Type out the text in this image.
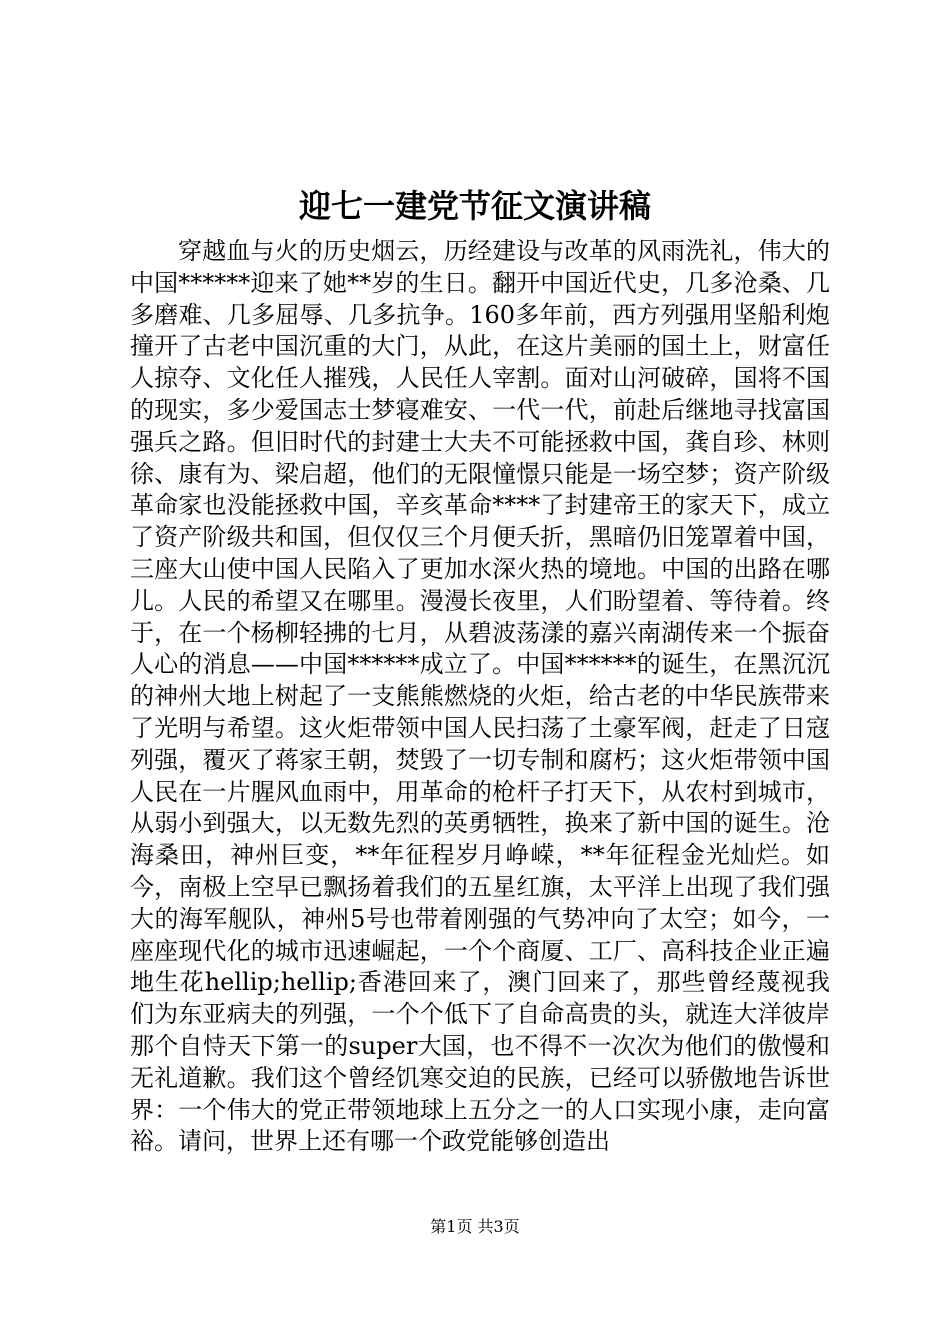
迎七一建党节征文演讲稿

穿越血与火的历史烟云，历经建设与改革的风雨洗礼，伟大的中国******迎来了她**岁的生日。翻开中国近代史，几多沧桑、几多磨难、几多屈辱、几多抗争。160多年前，西方列强用坚船利炮撞开了古老中国沉重的大门，从此，在这片美丽的国土上，财富任人掠夺、文化任人摧残，人民任人宰割。面对山河破碎，国将不国的现实，多少爱国志士梦寝难安、一代一代，前赴后继地寻找富国强兵之路。但旧时代的封建士大夫不可能拯救中国，龚自珍、林则徐、康有为、梁启超，他们的无限憧憬只能是一场空梦；资产阶级革命家也没能拯救中国，辛亥革命****了封建帝王的家天下，成立了资产阶级共和国，但仅仅三个月便夭折，黑暗仍旧笼罩着中国，三座大山使中国人民陷入了更加水深火热的境地。中国的出路在哪儿。人民的希望又在哪里。漫漫长夜里，人们盼望着、等待着。终于，在一个杨柳轻拂的七月，从碧波荡漾的嘉兴南湖传来一个振奋人心的消息——中国******成立了。中国******的诞生，在黑沉沉的神州大地上树起了一支熊熊燃烧的火炬，给古老的中华民族带来了光明与希望。这火炬带领中国人民扫荡了土豪军阀，赶走了日寇列强，覆灭了蒋家王朝，焚毁了一切专制和腐朽；这火炬带领中国人民在一片腥风血雨中，用革命的枪杆子打天下，从农村到城市，从弱小到强大，以无数先烈的英勇牺牲，换来了新中国的诞生。沧海桑田，神州巨变，**年征程岁月峥嵘，**年征程金光灿烂。如今，南极上空早已飘扬着我们的五星红旗，太平洋上出现了我们强大的海军舰队，神州5号也带着刚强的气势冲向了太空；如今，一座座现代化的城市迅速崛起，一个个商厦、工厂、高科技企业正遍地生花hellip;hellip;香港回来了，澳门回来了，那些曾经蔑视我们为东亚病夫的列强，一个个低下了自命高贵的头，就连大洋彼岸那个自恃天下第一的super大国，也不得不一次次为他们的傲慢和无礼道歉。我们这个曾经饥寒交迫的民族，已经可以骄傲地告诉世界：一个伟大的党正带领地球上五分之一的人口实现小康，走向富裕。请问，世界上还有哪一个政党能够创造出

第1页 共3页
